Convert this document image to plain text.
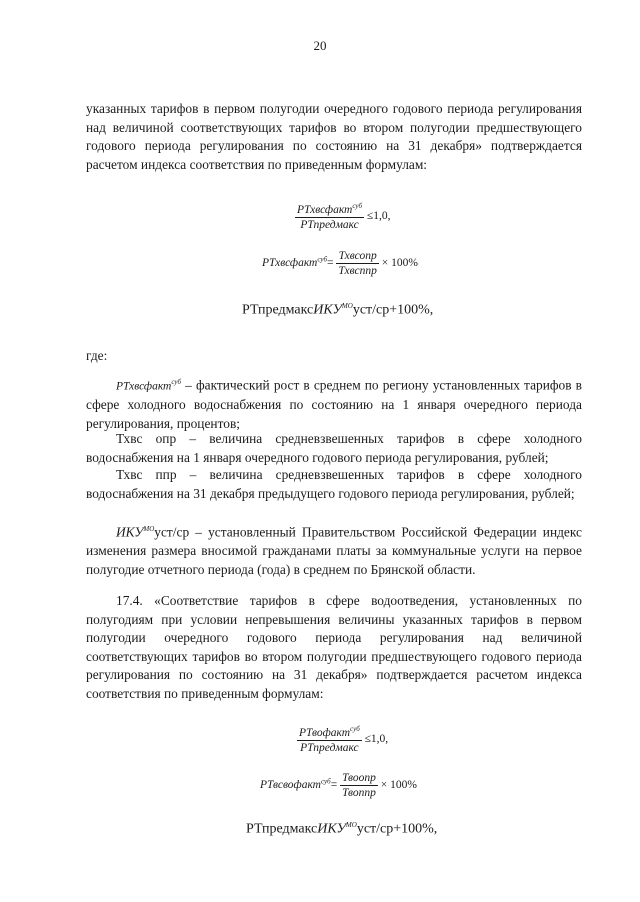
20

указанных тарифов в первом полугодии очередного годового периода регулирования над величиной соответствующих тарифов во втором полугодии предшествующего годового периода регулирования по состоянию на 31 декабря» подтверждается расчетом индекса соответствия по приведенным формулам:

$\frac{РТхвсфакт^{суб}}{\text{РТпредмакс}} \le 1,0$,
РТхвсфакт$^{суб}$= $\frac{\text{Тхвсопр}}{\text{Тхвсппр}} \times 100\%$
РТпредмаксИКУ$^{МО}$уст/ср+100%,
где:

РТхвсфакт$^{суб}$ – фактический рост в среднем по региону установленных тарифов в сфере холодного водоснабжения по состоянию на 1 января очередного периода регулирования, процентов;

Тхвс опр – величина средневзвешенных тарифов в сфере холодного водоснабжения на 1 января очередного годового периода регулирования, рублей;

Тхвс ппр – величина средневзвешенных тарифов в сфере холодного водоснабжения на 31 декабря предыдущего годового периода регулирования, рублей;

$ИКУ^{МО}уст/ср$ – установленный Правительством Российской Федерации индекс изменения размера вносимой гражданами платы за коммунальные услуги на первое полугодие отчетного периода (года) в среднем по Брянской области.

17.4. «Соответствие тарифов в сфере водоотведения, установленных по полугодиям при условии непревышения величины указанных тарифов в первом полугодии очередного годового периода регулирования над величиной соответствующих тарифов во втором полугодии предшествующего годового периода регулирования по состоянию на 31 декабря» подтверждается расчетом индекса соответствия по приведенным формулам:

$\frac{РТвофакт^{суб}}{\text{РТпредмакс}} \le 1,0$,
РТвсвофакт$^{суб}$= $\frac{\text{Твоопр}}{\text{Твоппр}} \times 100\%$
РТпредмаксИКУ$^{МО}$уст/ср+100%,
